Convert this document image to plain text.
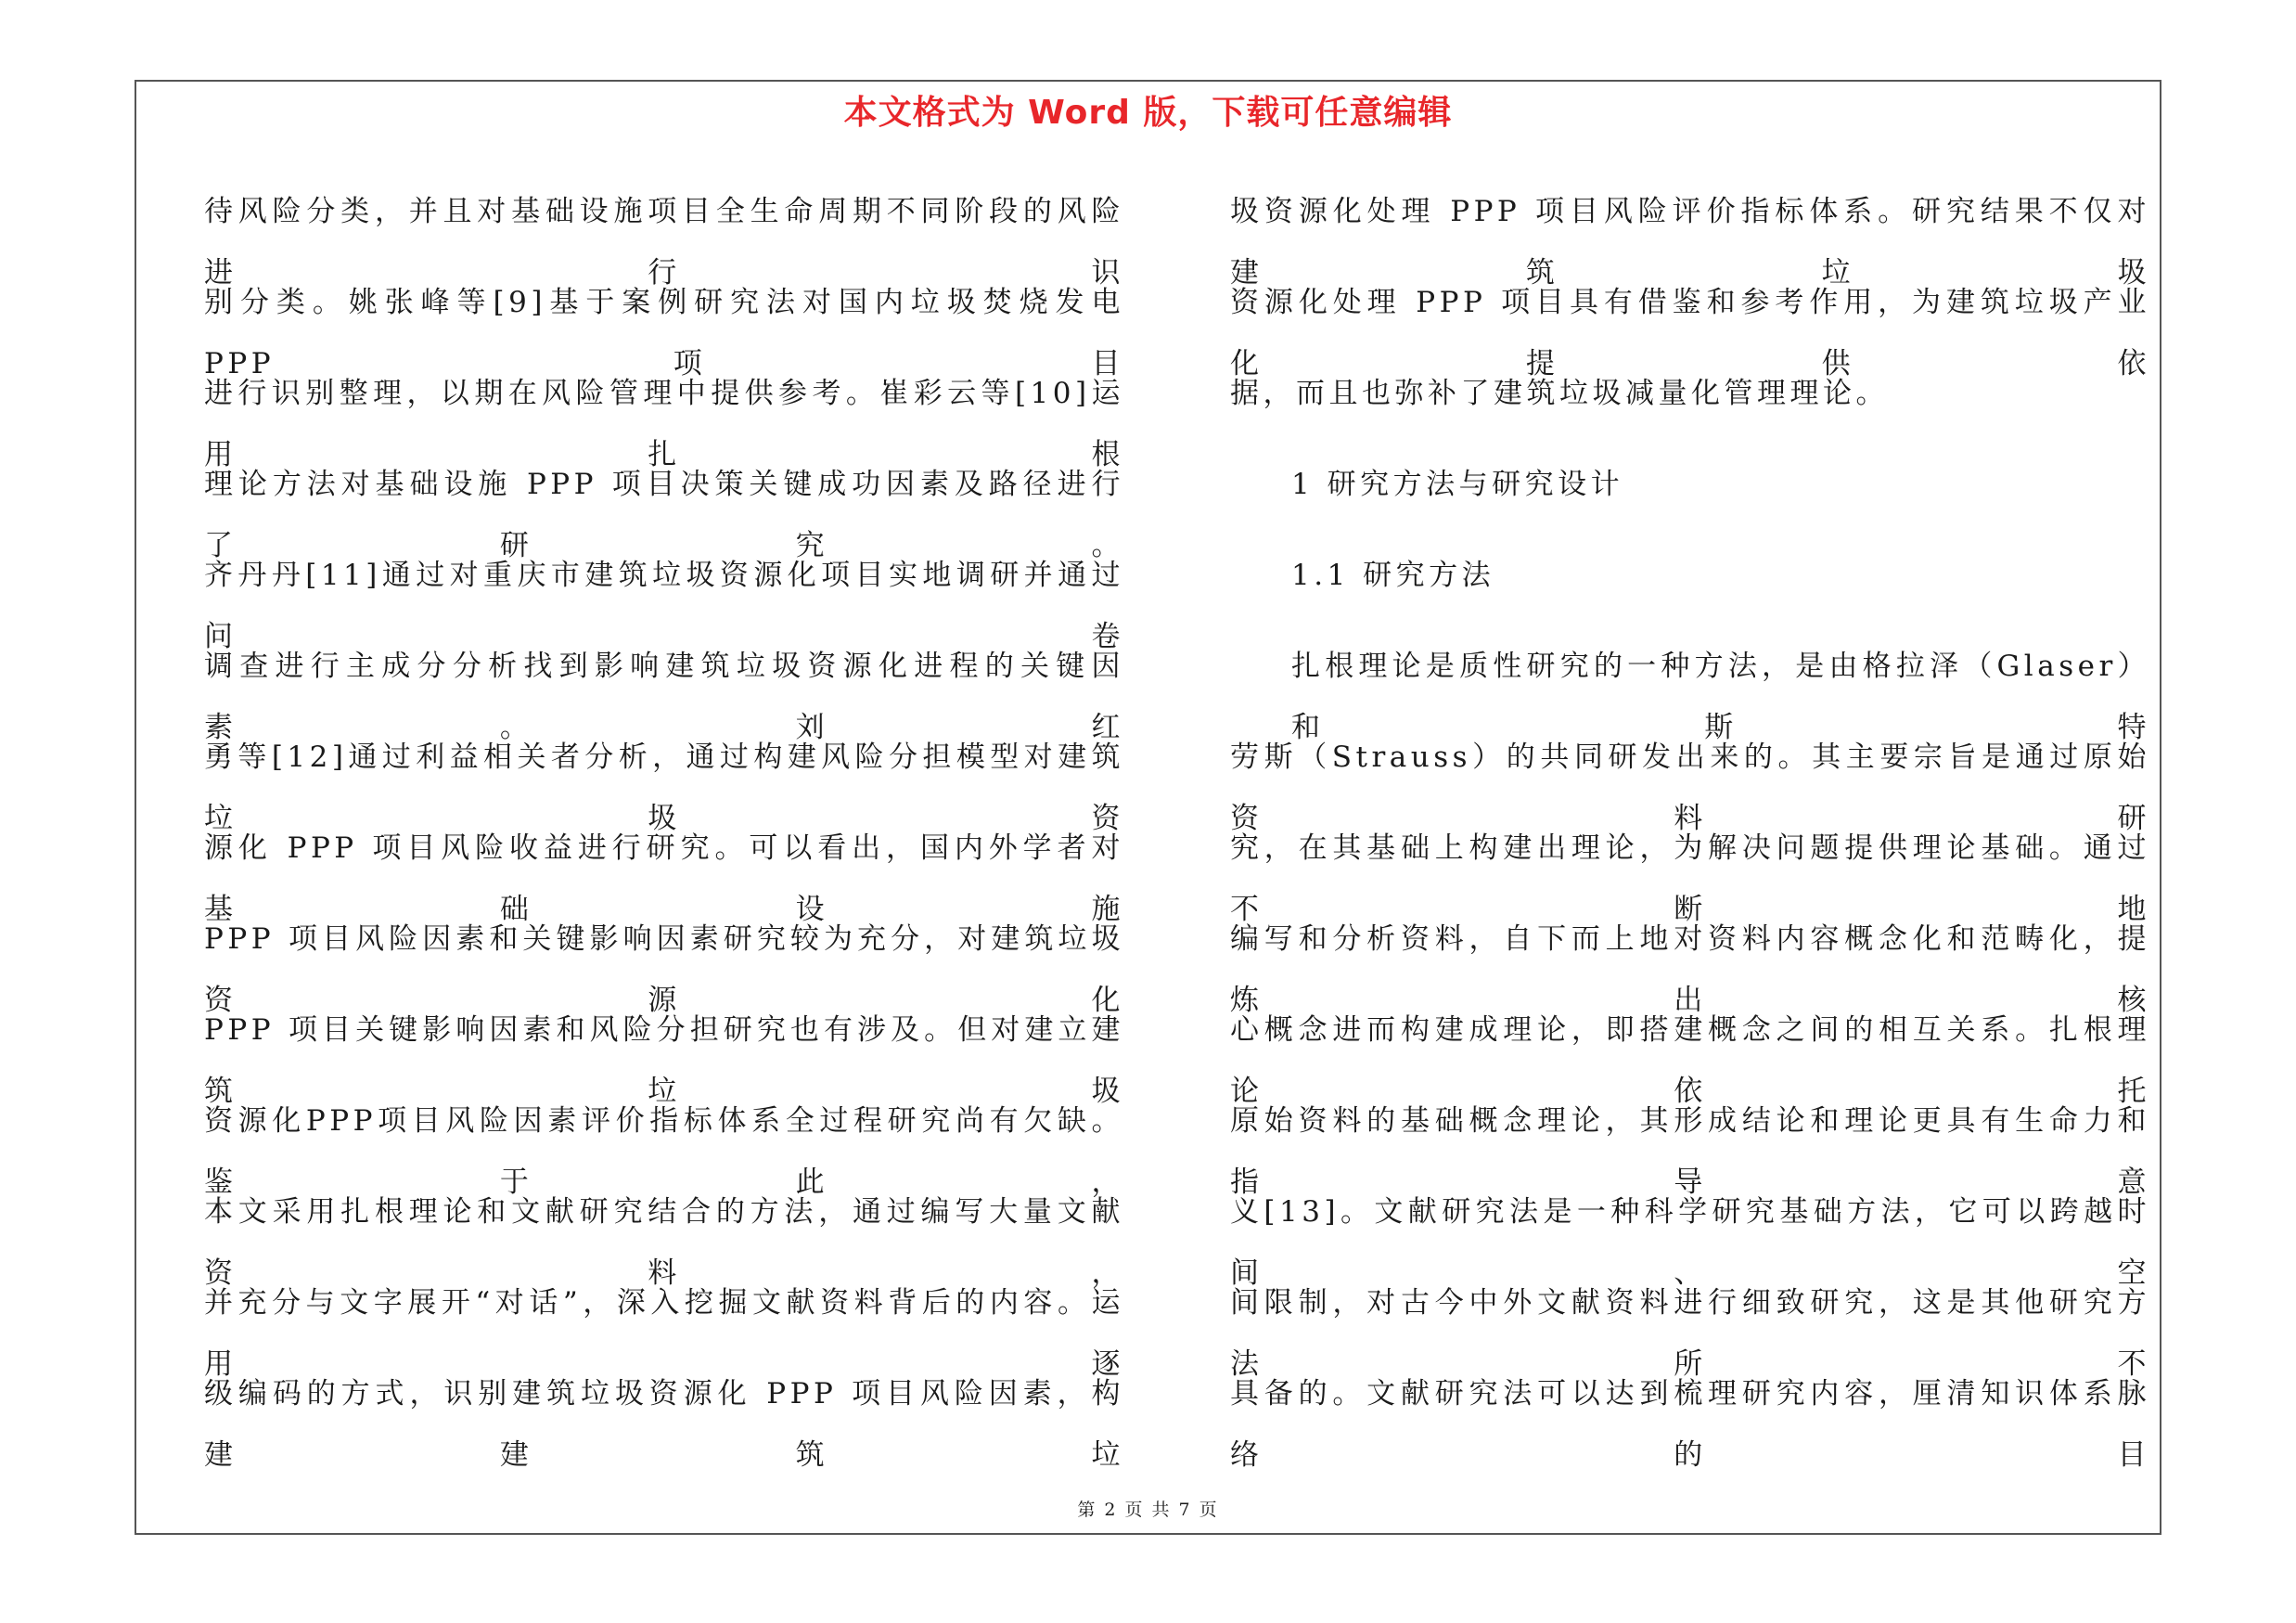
本文格式为 Word 版，下载可任意编辑
待风险分类，并且对基础设施项目全生命周期不同阶段的风险进行识
别分类。姚张峰等[9]基于案例研究法对国内垃圾焚烧发电 PPP 项目
进行识别整理，以期在风险管理中提供参考。崔彩云等[10]运用扎根
理论方法对基础设施 PPP 项目决策关键成功因素及路径进行了研究。
齐丹丹[11]通过对重庆市建筑垃圾资源化项目实地调研并通过问卷
调查进行主成分分析找到影响建筑垃圾资源化进程的关键因素。刘红
勇等[12]通过利益相关者分析，通过构建风险分担模型对建筑垃圾资
源化 PPP 项目风险收益进行研究。可以看出，国内外学者对基础设施
PPP 项目风险因素和关键影响因素研究较为充分，对建筑垃圾资源化
PPP 项目关键影响因素和风险分担研究也有涉及。但对建立建筑垃圾
资源化PPP项目风险因素评价指标体系全过程研究尚有欠缺。鉴于此，
本文采用扎根理论和文献研究结合的方法，通过编写大量文献资料，
并充分与文字展开“对话”，深入挖掘文献资料背后的内容。运用逐
级编码的方式，识别建筑垃圾资源化 PPP 项目风险因素，构建建筑垃
圾资源化处理 PPP 项目风险评价指标体系。研究结果不仅对建筑垃圾
资源化处理 PPP 项目具有借鉴和参考作用，为建筑垃圾产业化提供依
据，而且也弥补了建筑垃圾减量化管理理论。
1 研究方法与研究设计
1.1 研究方法
扎根理论是质性研究的一种方法，是由格拉泽（Glaser）和斯特
劳斯（Strauss）的共同研发出来的。其主要宗旨是通过原始资料研
究，在其基础上构建出理论，为解决问题提供理论基础。通过不断地
编写和分析资料，自下而上地对资料内容概念化和范畴化，提炼出核
心概念进而构建成理论，即搭建概念之间的相互关系。扎根理论依托
原始资料的基础概念理论，其形成结论和理论更具有生命力和指导意
义[13]。文献研究法是一种科学研究基础方法，它可以跨越时间、空
间限制，对古今中外文献资料进行细致研究，这是其他研究方法所不
具备的。文献研究法可以达到梳理研究内容，厘清知识体系脉络的目
第 2 页 共 7 页
